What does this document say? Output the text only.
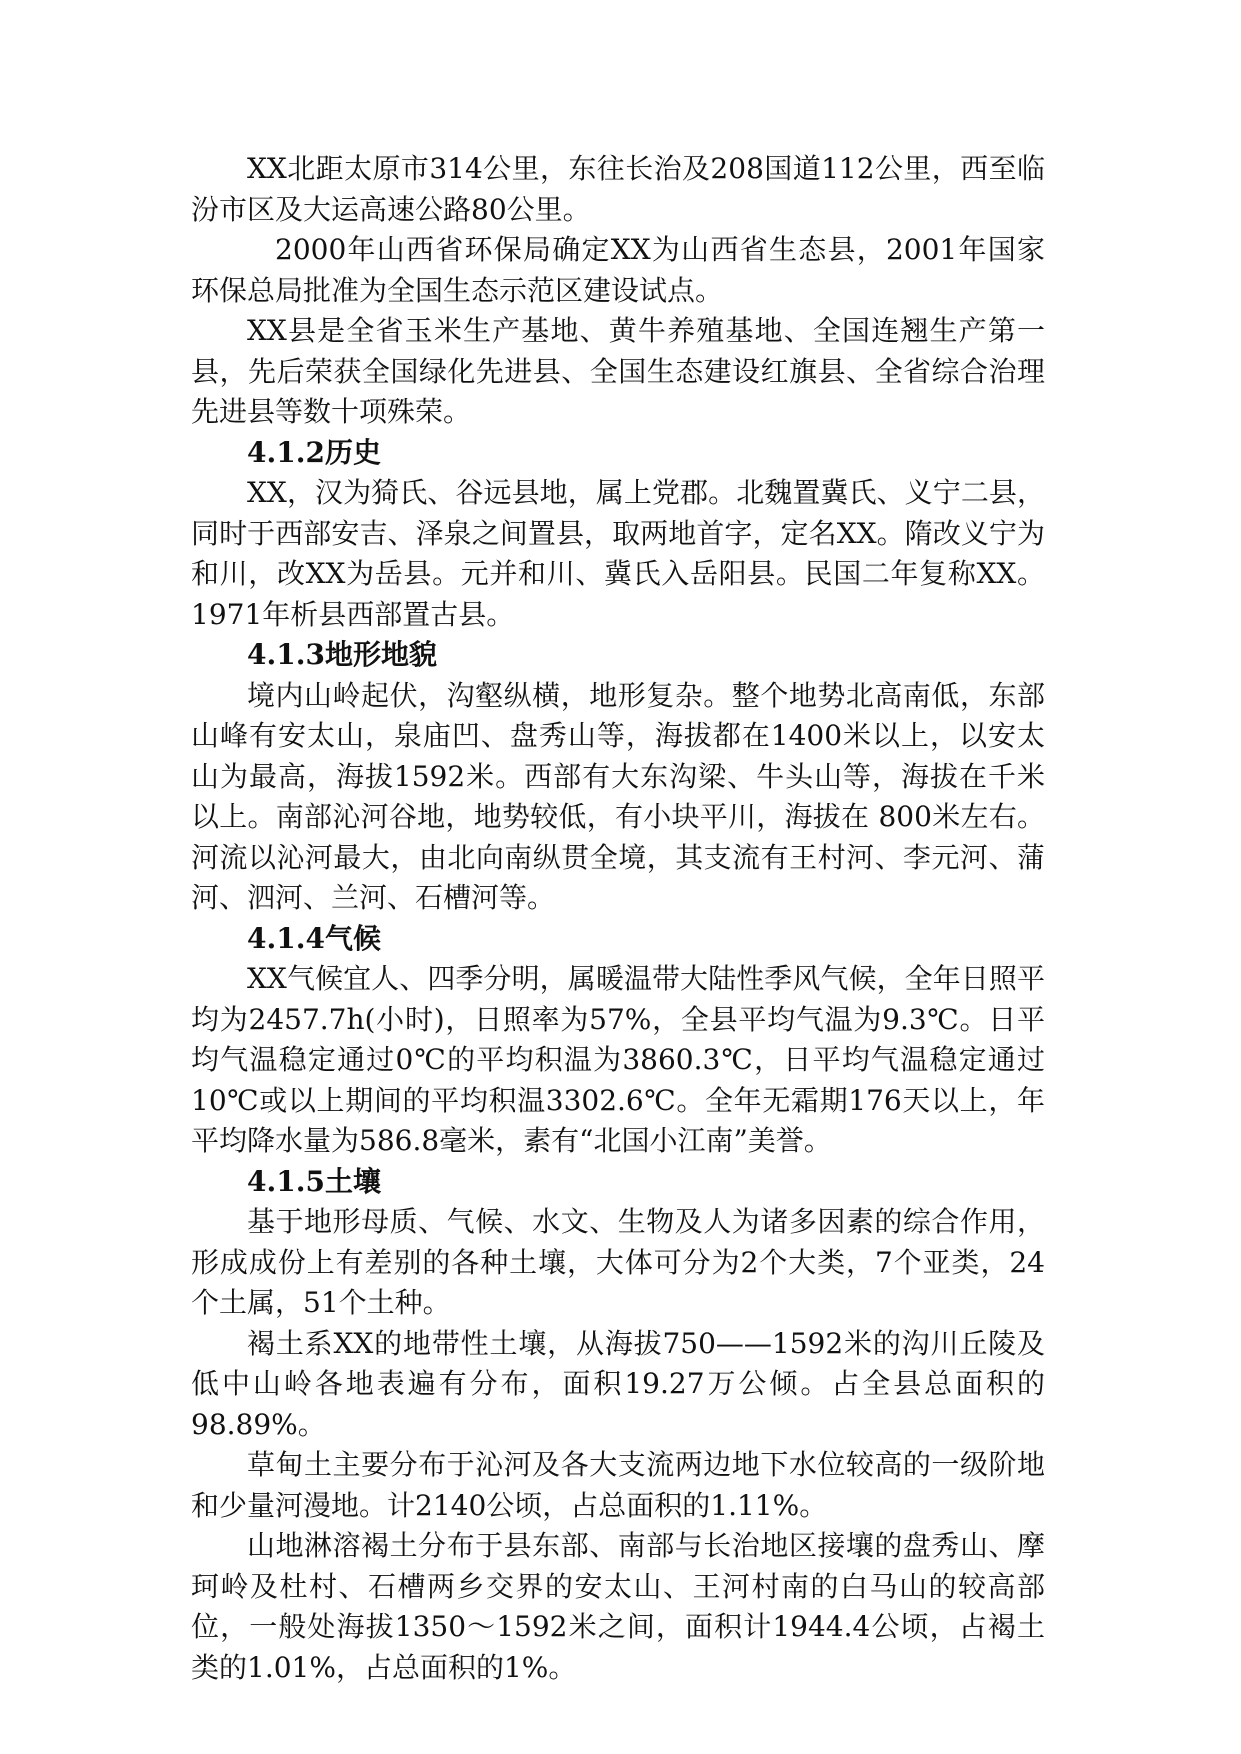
XX北距太原市314公里，东往长治及208国道112公里，西至临汾市区及大运高速公路80公里。

2000年山西省环保局确定XX为山西省生态县，2001年国家环保总局批准为全国生态示范区建设试点。

XX县是全省玉米生产基地、黄牛养殖基地、全国连翘生产第一县，先后荣获全国绿化先进县、全国生态建设红旗县、全省综合治理先进县等数十项殊荣。

4.1.2历史

XX，汉为猗氏、谷远县地，属上党郡。北魏置冀氏、义宁二县，同时于西部安吉、泽泉之间置县，取两地首字，定名XX。隋改义宁为和川，改XX为岳县。元并和川、冀氏入岳阳县。民国二年复称XX。1971年析县西部置古县。

4.1.3地形地貌

境内山岭起伏，沟壑纵横，地形复杂。整个地势北高南低，东部山峰有安太山，泉庙凹、盘秀山等，海拔都在1400米以上，以安太山为最高，海拔1592米。西部有大东沟梁、牛头山等，海拔在千米以上。南部沁河谷地，地势较低，有小块平川，海拔在 800米左右。河流以沁河最大，由北向南纵贯全境，其支流有王村河、李元河、蒲河、泗河、兰河、石槽河等。

4.1.4气候

XX气候宜人、四季分明，属暖温带大陆性季风气候，全年日照平均为2457.7h(小时)，日照率为57%，全县平均气温为9.3℃。日平均气温稳定通过0℃的平均积温为3860.3℃，日平均气温稳定通过10℃或以上期间的平均积温3302.6℃。全年无霜期176天以上，年平均降水量为586.8毫米，素有“北国小江南”美誉。

4.1.5土壤

基于地形母质、气候、水文、生物及人为诸多因素的综合作用，形成成份上有差别的各种土壤，大体可分为2个大类，7个亚类，24个土属，51个土种。

褐土系XX的地带性土壤，从海拔750——1592米的沟川丘陵及低中山岭各地表遍有分布，面积19.27万公倾。占全县总面积的98.89%。

草甸土主要分布于沁河及各大支流两边地下水位较高的一级阶地和少量河漫地。计2140公顷，占总面积的1.11%。

山地淋溶褐土分布于县东部、南部与长治地区接壤的盘秀山、摩珂岭及杜村、石槽两乡交界的安太山、王河村南的白马山的较高部位，一般处海拔1350～1592米之间，面积计1944.4公顷，占褐土类的1.01%，占总面积的1%。
